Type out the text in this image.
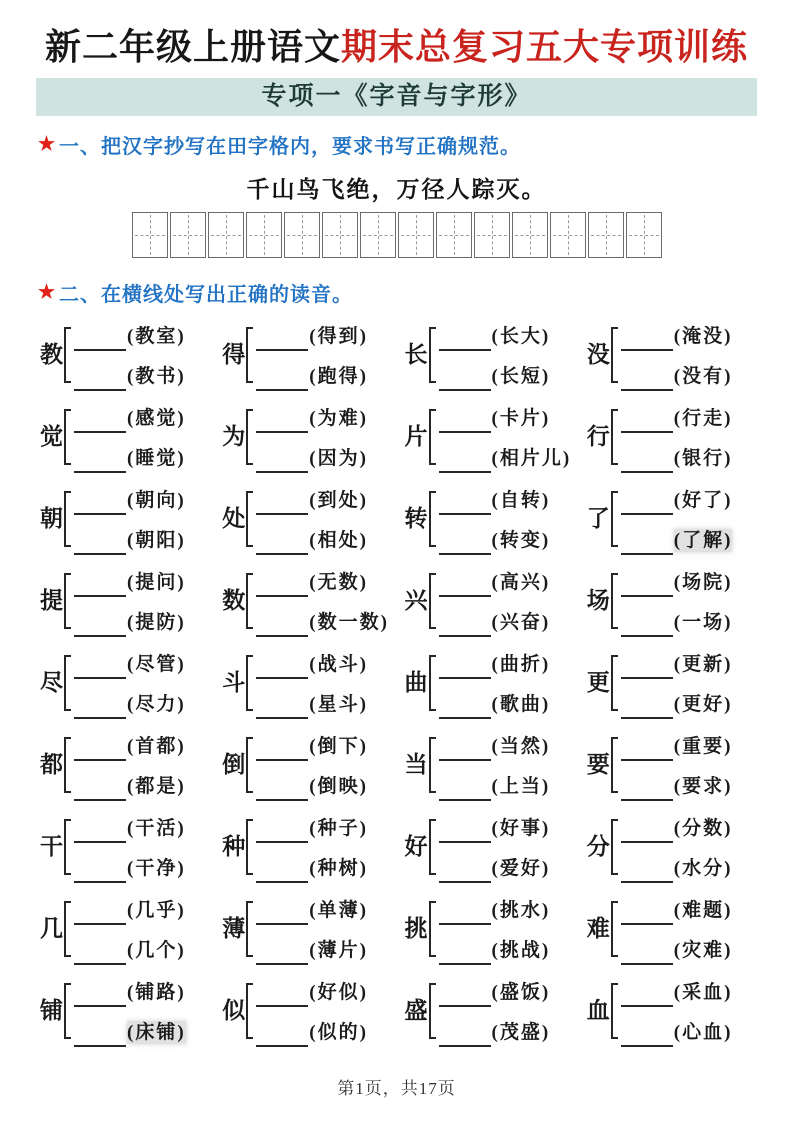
新二年级上册语文期末总复习五大专项训练
专项一《字音与字形》
★ 一、把汉字抄写在田字格内，要求书写正确规范。
千山鸟飞绝，万径人踪灭。
★ 二、在横线处写出正确的读音。
教
(教室)
(教书)
得
(得到)
(跑得)
长
(长大)
(长短)
没
(淹没)
(没有)
觉
(感觉)
(睡觉)
为
(为难)
(因为)
片
(卡片)
(相片儿)
行
(行走)
(银行)
朝
(朝向)
(朝阳)
处
(到处)
(相处)
转
(自转)
(转变)
了
(好了)
(了解)
提
(提问)
(提防)
数
(无数)
(数一数)
兴
(高兴)
(兴奋)
场
(场院)
(一场)
尽
(尽管)
(尽力)
斗
(战斗)
(星斗)
曲
(曲折)
(歌曲)
更
(更新)
(更好)
都
(首都)
(都是)
倒
(倒下)
(倒映)
当
(当然)
(上当)
要
(重要)
(要求)
干
(干活)
(干净)
种
(种子)
(种树)
好
(好事)
(爱好)
分
(分数)
(水分)
几
(几乎)
(几个)
薄
(单薄)
(薄片)
挑
(挑水)
(挑战)
难
(难题)
(灾难)
铺
(铺路)
(床铺)
似
(好似)
(似的)
盛
(盛饭)
(茂盛)
血
(采血)
(心血)
第1页，共17页
